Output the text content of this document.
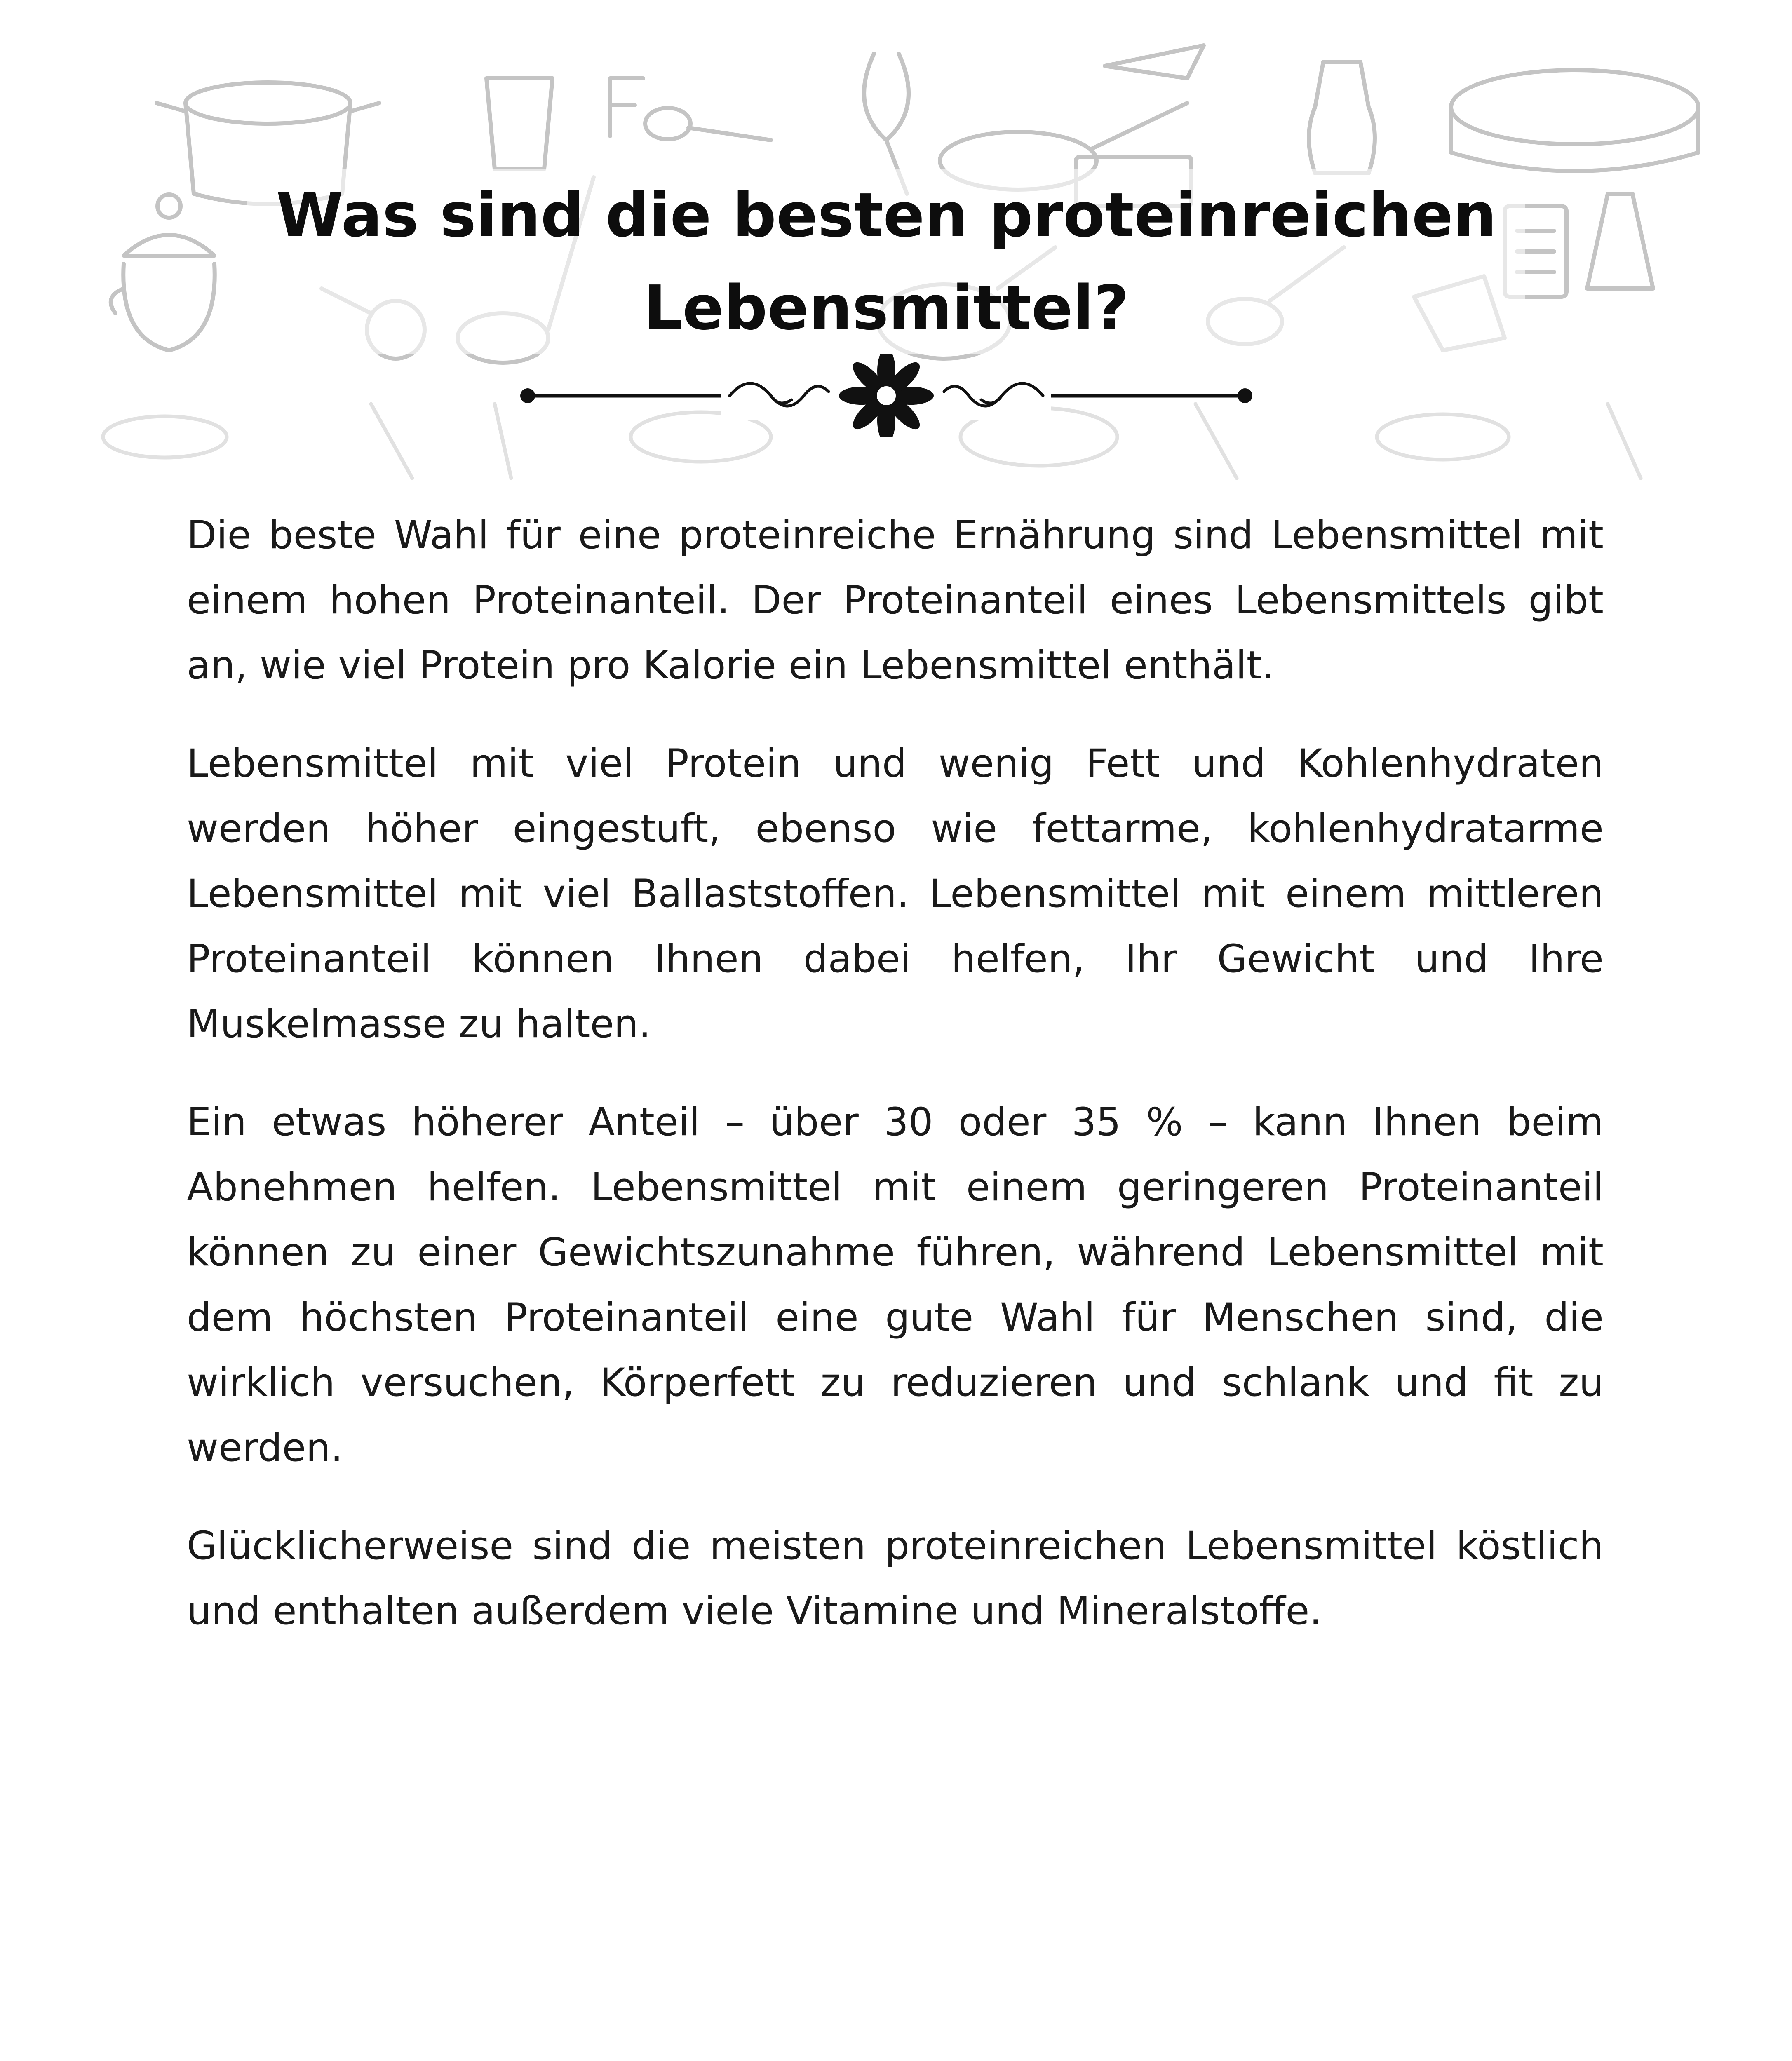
Was sind die besten proteinreichen Lebensmittel?

Die beste Wahl für eine proteinreiche Ernährung sind Lebensmittel mit einem hohen Proteinanteil. Der Proteinanteil eines Lebensmittels gibt an, wie viel Protein pro Kalorie ein Lebensmittel enthält.

Lebensmittel mit viel Protein und wenig Fett und Kohlenhydraten werden höher eingestuft, ebenso wie fettarme, kohlenhydratarme Lebensmittel mit viel Ballaststoffen. Lebensmittel mit einem mittleren Proteinanteil können Ihnen dabei helfen, Ihr Gewicht und Ihre Muskelmasse zu halten.

Ein etwas höherer Anteil – über 30 oder 35 % – kann Ihnen beim Abnehmen helfen. Lebensmittel mit einem geringeren Proteinanteil können zu einer Gewichtszunahme führen, während Lebensmittel mit dem höchsten Proteinanteil eine gute Wahl für Menschen sind, die wirklich versuchen, Körperfett zu reduzieren und schlank und fit zu werden.

Glücklicherweise sind die meisten proteinreichen Lebensmittel köstlich und enthalten außerdem viele Vitamine und Mineralstoffe.
